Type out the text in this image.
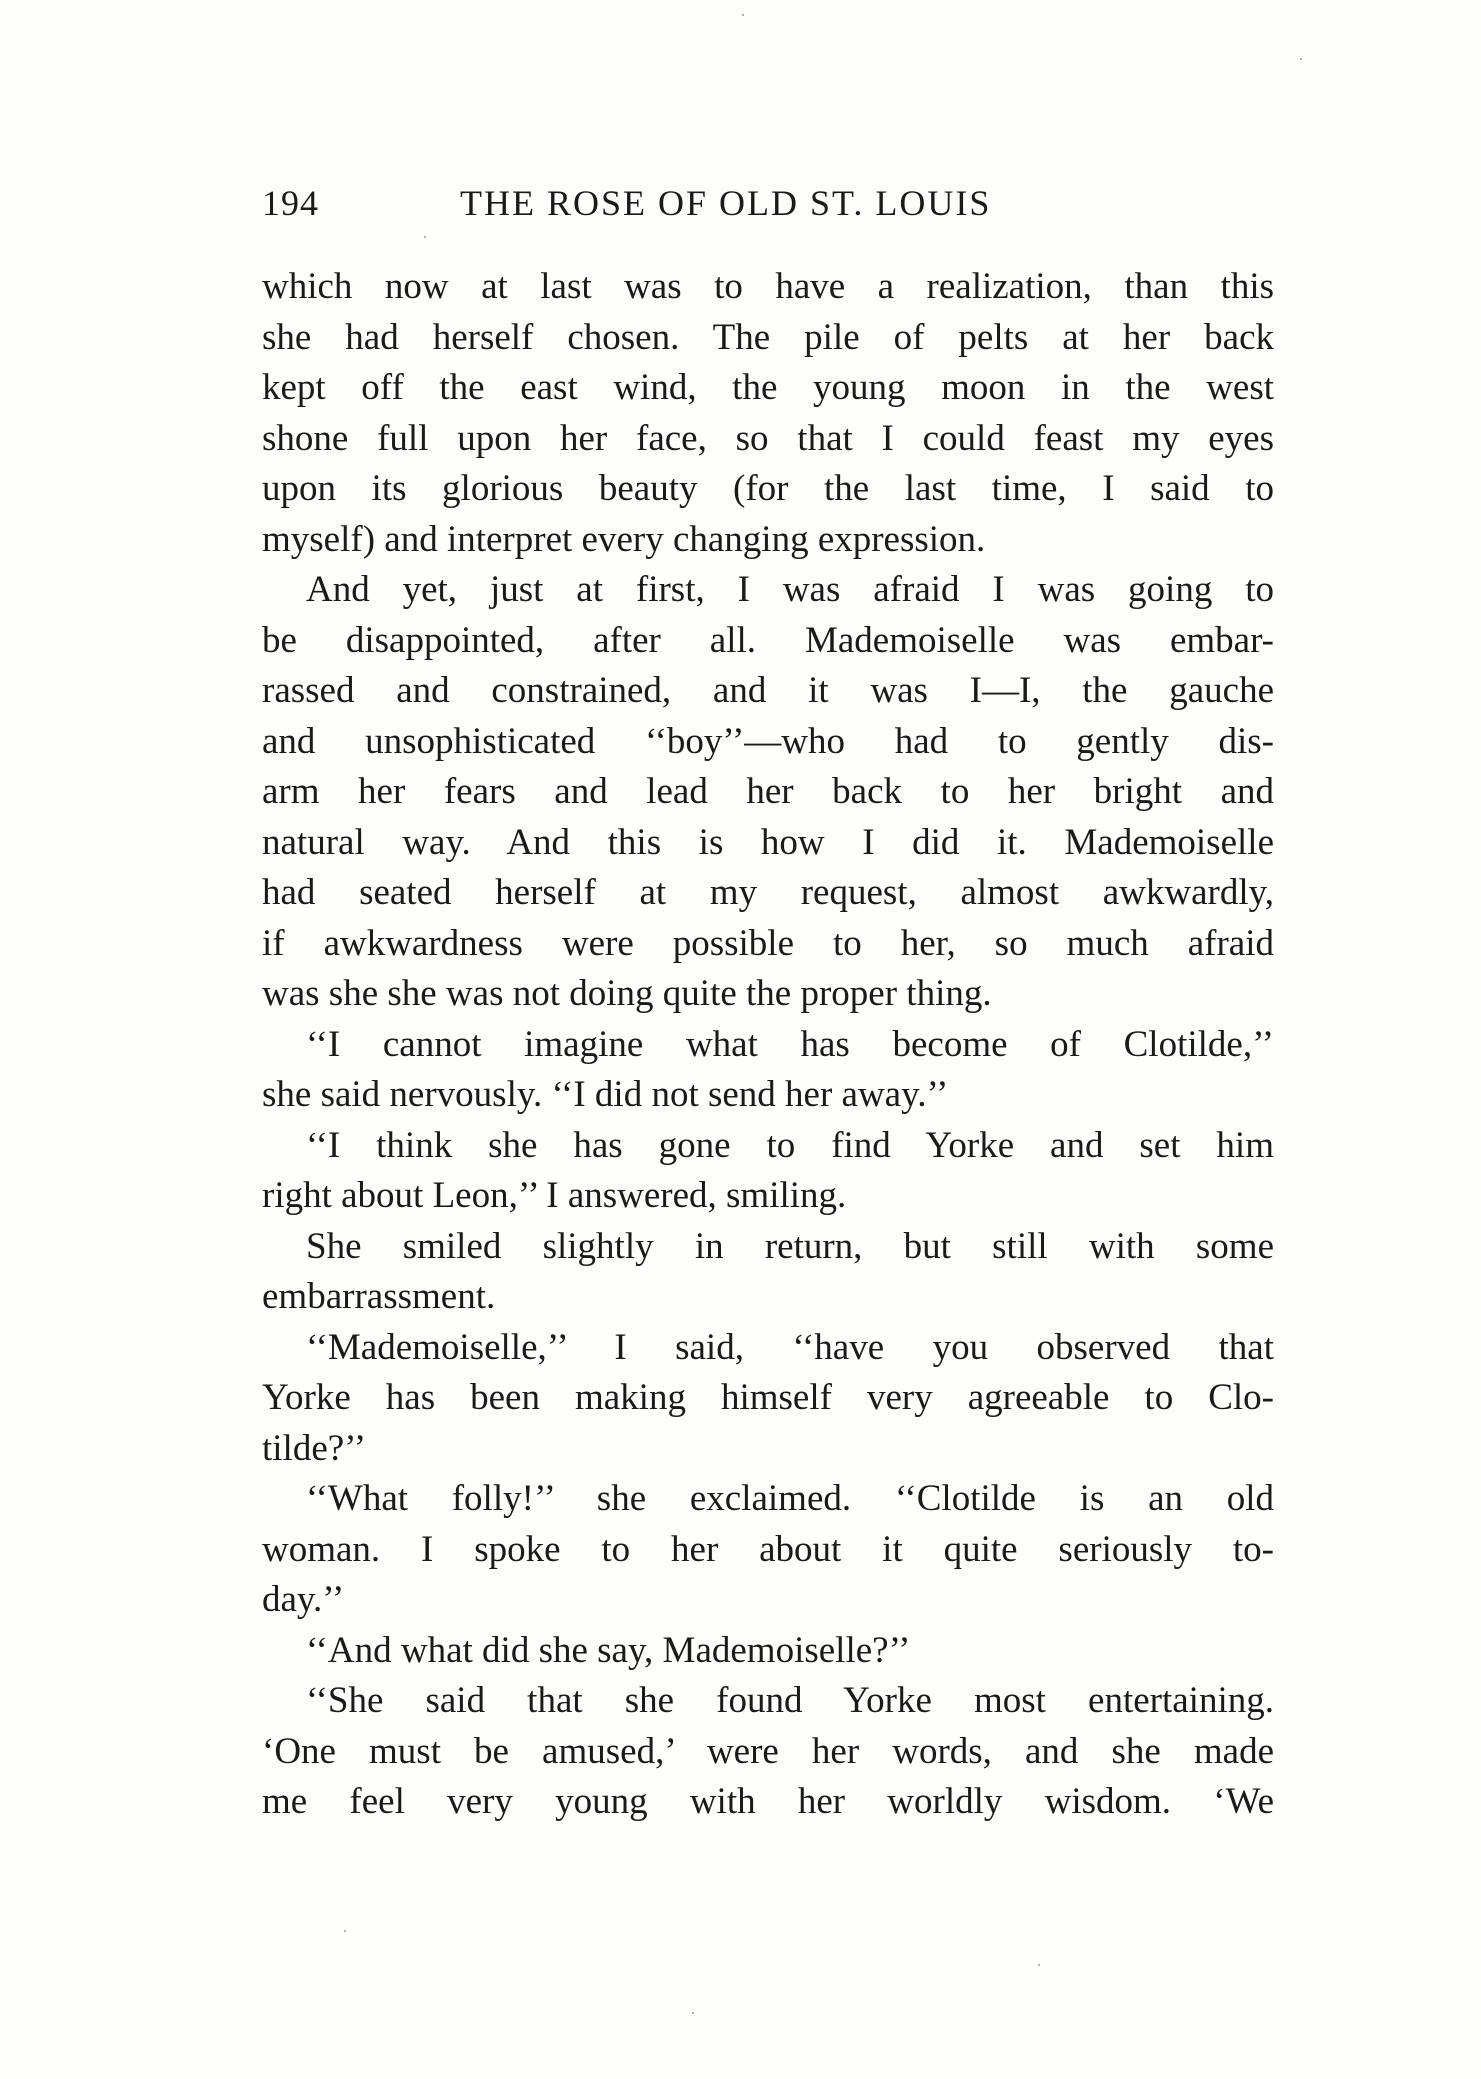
194	THE ROSE OF OLD ST. LOUIS
which now at last was to have a realization, than this
she had herself chosen. The pile of pelts at her back
kept off the east wind, the young moon in the west
shone full upon her face, so that I could feast my eyes
upon its glorious beauty (for the last time, I said to
myself) and interpret every changing expression.
And yet, just at first, I was afraid I was going to
be disappointed, after all. Mademoiselle was embar-
rassed and constrained, and it was I—I, the gauche
and unsophisticated ‘‘boy’’—who had to gently dis-
arm her fears and lead her back to her bright and
natural way. And this is how I did it. Mademoiselle
had seated herself at my request, almost awkwardly,
if awkwardness were possible to her, so much afraid
was she she was not doing quite the proper thing.
‘‘I cannot imagine what has become of Clotilde,’’
she said nervously. ‘‘I did not send her away.’’
‘‘I think she has gone to find Yorke and set him
right about Leon,’’ I answered, smiling.
She smiled slightly in return, but still with some
embarrassment.
‘‘Mademoiselle,’’ I said, ‘‘have you observed that
Yorke has been making himself very agreeable to Clo-
tilde?’’
‘‘What folly!’’ she exclaimed. ‘‘Clotilde is an old
woman. I spoke to her about it quite seriously to-
day.’’
‘‘And what did she say, Mademoiselle?’’
‘‘She said that she found Yorke most entertaining.
‘One must be amused,’ were her words, and she made
me feel very young with her worldly wisdom. ‘We
